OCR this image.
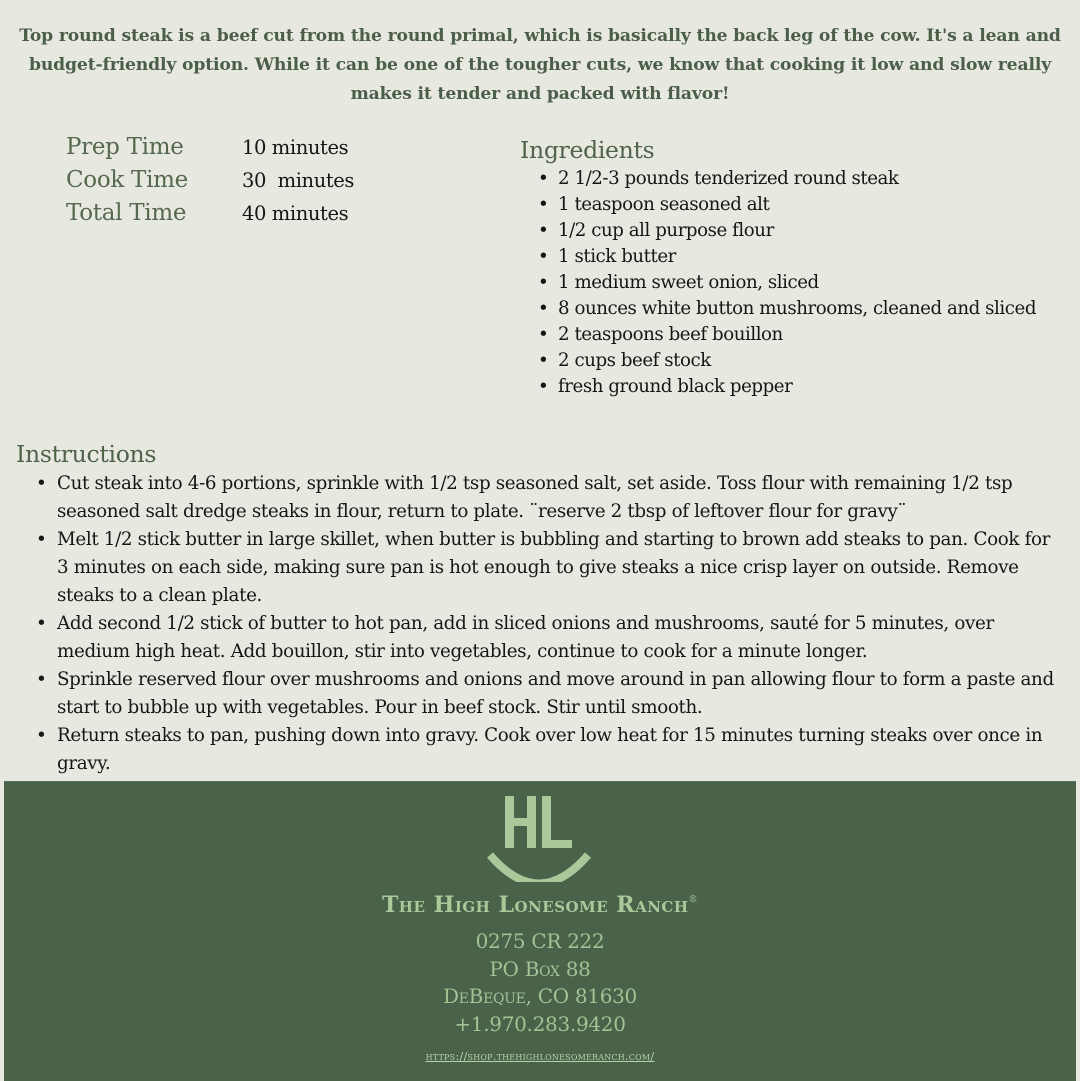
Top round steak is a beef cut from the round primal, which is basically the back leg of the cow. It's a lean and budget-friendly option. While it can be one of the tougher cuts, we know that cooking it low and slow really makes it tender and packed with flavor!
Prep Time	10 minutes
Cook Time	30  minutes
Total Time	40 minutes
Ingredients
• 2 1/2-3 pounds tenderized round steak
• 1 teaspoon seasoned alt
• 1/2 cup all purpose flour
• 1 stick butter
• 1 medium sweet onion, sliced
• 8 ounces white button mushrooms, cleaned and sliced
• 2 teaspoons beef bouillon
• 2 cups beef stock
• fresh ground black pepper
Instructions
• Cut steak into 4-6 portions, sprinkle with 1/2 tsp seasoned salt, set aside. Toss flour with remaining 1/2 tsp seasoned salt dredge steaks in flour, return to plate. ¨reserve 2 tbsp of leftover flour for gravy¨
• Melt 1/2 stick butter in large skillet, when butter is bubbling and starting to brown add steaks to pan. Cook for 3 minutes on each side, making sure pan is hot enough to give steaks a nice crisp layer on outside. Remove steaks to a clean plate.
• Add second 1/2 stick of butter to hot pan, add in sliced onions and mushrooms, sauté for 5 minutes, over medium high heat. Add bouillon, stir into vegetables, continue to cook for a minute longer.
• Sprinkle reserved flour over mushrooms and onions and move around in pan allowing flour to form a paste and start to bubble up with vegetables. Pour in beef stock. Stir until smooth.
• Return steaks to pan, pushing down into gravy. Cook over low heat for 15 minutes turning steaks over once in gravy.
The High Lonesome Ranch®
0275 CR 222
PO Box 88
DeBeque, CO 81630
+1.970.283.9420
https://shop.thehighlonesomeranch.com/
